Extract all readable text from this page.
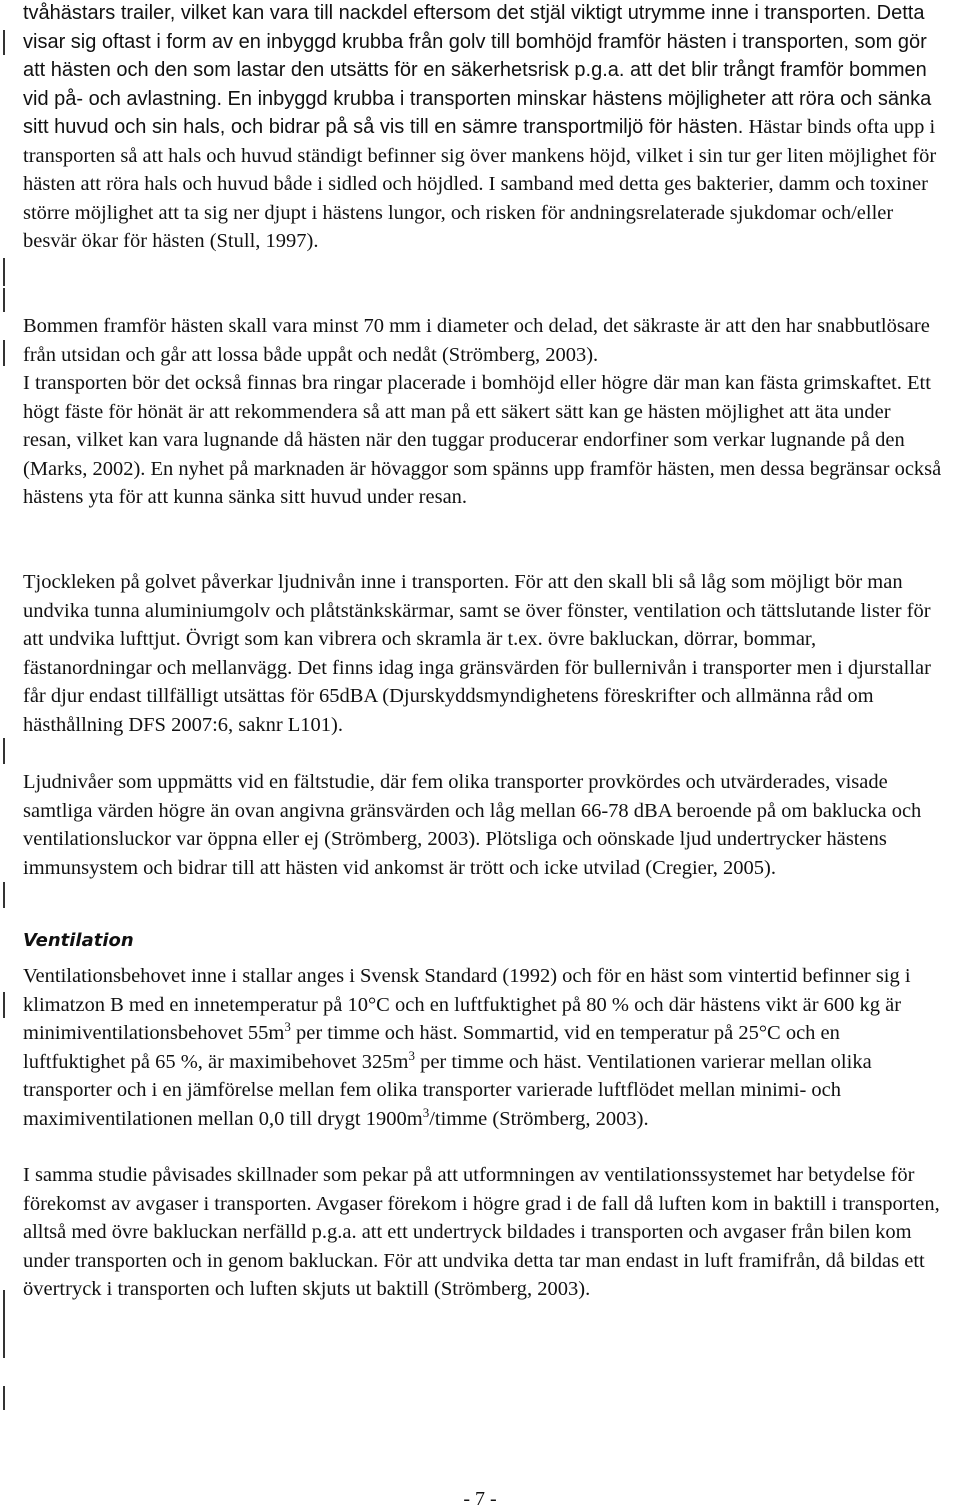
tvåhästars trailer, vilket kan vara till nackdel eftersom det stjäl viktigt utrymme inne i transporten. Detta visar sig oftast i form av en inbyggd krubba från golv till bomhöjd framför hästen i transporten, som gör att hästen och den som lastar den utsätts för en säkerhetsrisk p.g.a. att det blir trångt framför bommen vid på- och avlastning. En inbyggd krubba i transporten minskar hästens möjligheter att röra och sänka sitt huvud och sin hals, och bidrar på så vis till en sämre transportmiljö för hästen. Hästar binds ofta upp i transporten så att hals och huvud ständigt befinner sig över mankens höjd, vilket i sin tur ger liten möjlighet för hästen att röra hals och huvud både i sidled och höjdled. I samband med detta ges bakterier, damm och toxiner större möjlighet att ta sig ner djupt i hästens lungor, och risken för andningsrelaterade sjukdomar och/eller besvär ökar för hästen (Stull, 1997).

Bommen framför hästen skall vara minst 70 mm i diameter och delad, det säkraste är att den har snabbutlösare från utsidan och går att lossa både uppåt och nedåt (Strömberg, 2003).

I transporten bör det också finnas bra ringar placerade i bomhöjd eller högre där man kan fästa grimskaftet. Ett högt fäste för hönät är att rekommendera så att man på ett säkert sätt kan ge hästen möjlighet att äta under resan, vilket kan vara lugnande då hästen när den tuggar producerar endorfiner som verkar lugnande på den (Marks, 2002). En nyhet på marknaden är hövaggor som spänns upp framför hästen, men dessa begränsar också hästens yta för att kunna sänka sitt huvud under resan.

Tjockleken på golvet påverkar ljudnivån inne i transporten. För att den skall bli så låg som möjligt bör man undvika tunna aluminiumgolv och plåtstänkskärmar, samt se över fönster, ventilation och tättslutande lister för att undvika lufttjut. Övrigt som kan vibrera och skramla är t.ex. övre bakluckan, dörrar, bommar, fästanordningar och mellanvägg. Det finns idag inga gränsvärden för bullernivån i transporter men i djurstallar får djur endast tillfälligt utsättas för 65dBA (Djurskyddsmyndighetens föreskrifter och allmänna råd om hästhållning DFS 2007:6, saknr L101).

Ljudnivåer som uppmätts vid en fältstudie, där fem olika transporter provkördes och utvärderades, visade samtliga värden högre än ovan angivna gränsvärden och låg mellan 66-78 dBA beroende på om baklucka och ventilationsluckor var öppna eller ej (Strömberg, 2003). Plötsliga och oönskade ljud undertrycker hästens immunsystem och bidrar till att hästen vid ankomst är trött och icke utvilad (Cregier, 2005).

Ventilation

Ventilationsbehovet inne i stallar anges i Svensk Standard (1992) och för en häst som vintertid befinner sig i klimatzon B med en innetemperatur på 10°C och en luftfuktighet på 80 % och där hästens vikt är 600 kg är minimiventilationsbehovet $55m^3$ per timme och häst. Sommartid, vid en temperatur på 25°C och en luftfuktighet på 65 %, är maximibehovet $325m^3$ per timme och häst. Ventilationen varierar mellan olika transporter och i en jämförelse mellan fem olika transporter varierade luftflödet mellan minimi- och maximiventilationen mellan 0,0 till drygt $1900m^3$/timme (Strömberg, 2003).

I samma studie påvisades skillnader som pekar på att utformningen av ventilationssystemet har betydelse för förekomst av avgaser i transporten. Avgaser förekom i högre grad i de fall då luften kom in baktill i transporten, alltså med övre bakluckan nerfälld p.g.a. att ett undertryck bildades i transporten och avgaser från bilen kom under transporten och in genom bakluckan. För att undvika detta tar man endast in luft framifrån, då bildas ett övertryck i transporten och luften skjuts ut baktill (Strömberg, 2003).

- 7 -
